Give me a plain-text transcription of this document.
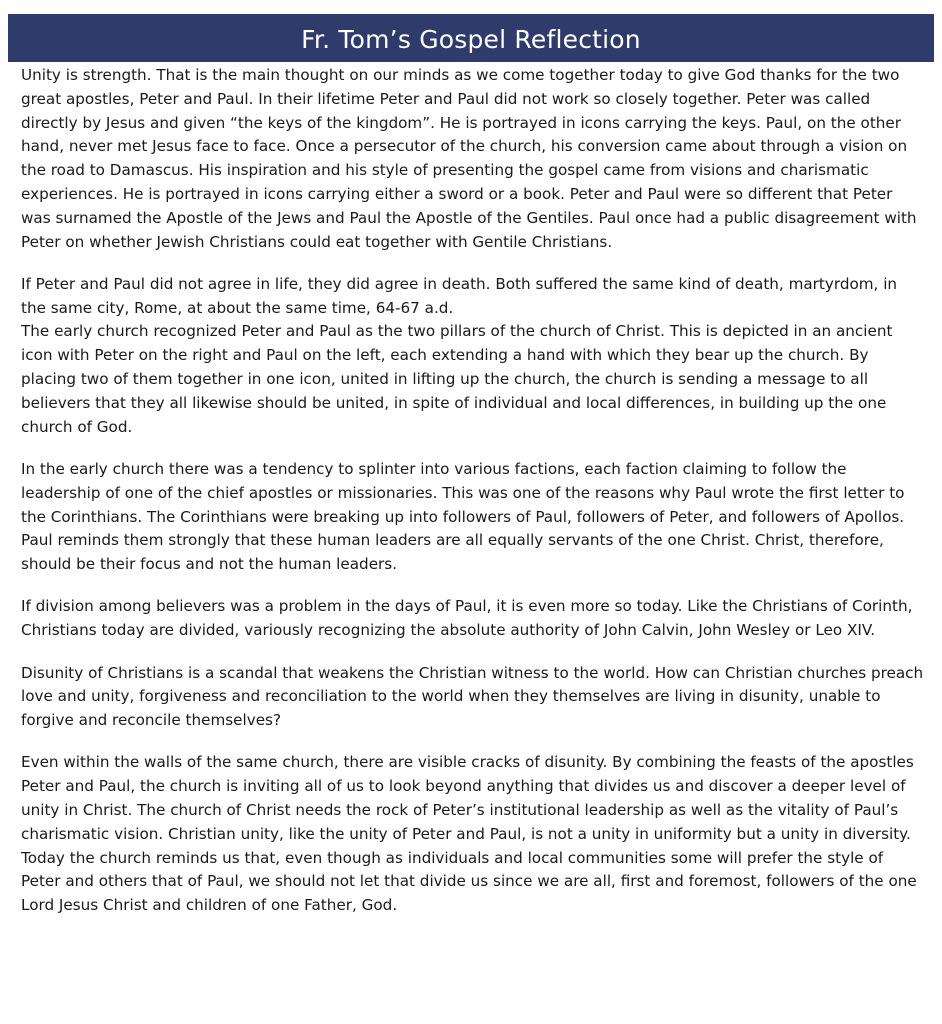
Fr. Tom’s Gospel Reflection

Unity is strength. That is the main thought on our minds as we come together today to give God thanks for the two great apostles, Peter and Paul. In their lifetime Peter and Paul did not work so closely together. Peter was called directly by Jesus and given “the keys of the kingdom”. He is portrayed in icons carrying the keys. Paul, on the other hand, never met Jesus face to face. Once a persecutor of the church, his conversion came about through a vision on the road to Damascus. His inspiration and his style of presenting the gospel came from visions and charismatic experiences. He is portrayed in icons carrying either a sword or a book. Peter and Paul were so different that Peter was surnamed the Apostle of the Jews and Paul the Apostle of the Gentiles. Paul once had a public disagreement with Peter on whether Jewish Christians could eat together with Gentile Christians.

If Peter and Paul did not agree in life, they did agree in death. Both suffered the same kind of death, martyrdom, in the same city, Rome, at about the same time, 64-67 a.d.
The early church recognized Peter and Paul as the two pillars of the church of Christ. This is depicted in an ancient icon with Peter on the right and Paul on the left, each extending a hand with which they bear up the church. By placing two of them together in one icon, united in lifting up the church, the church is sending a message to all believers that they all likewise should be united, in spite of individual and local differences, in building up the one church of God.

In the early church there was a tendency to splinter into various factions, each faction claiming to follow the leadership of one of the chief apostles or missionaries. This was one of the reasons why Paul wrote the first letter to the Corinthians. The Corinthians were breaking up into followers of Paul, followers of Peter, and followers of Apollos. Paul reminds them strongly that these human leaders are all equally servants of the one Christ. Christ, therefore, should be their focus and not the human leaders.

If division among believers was a problem in the days of Paul, it is even more so today. Like the Christians of Corinth, Christians today are divided, variously recognizing the absolute authority of John Calvin, John Wesley or Leo XIV.

Disunity of Christians is a scandal that weakens the Christian witness to the world. How can Christian churches preach love and unity, forgiveness and reconciliation to the world when they themselves are living in disunity, unable to forgive and reconcile themselves?

Even within the walls of the same church, there are visible cracks of disunity. By combining the feasts of the apostles Peter and Paul, the church is inviting all of us to look beyond anything that divides us and discover a deeper level of unity in Christ. The church of Christ needs the rock of Peter’s institutional leadership as well as the vitality of Paul’s charismatic vision. Christian unity, like the unity of Peter and Paul, is not a unity in uniformity but a unity in diversity. Today the church reminds us that, even though as individuals and local communities some will prefer the style of Peter and others that of Paul, we should not let that divide us since we are all, first and foremost, followers of the one Lord Jesus Christ and children of one Father, God.
